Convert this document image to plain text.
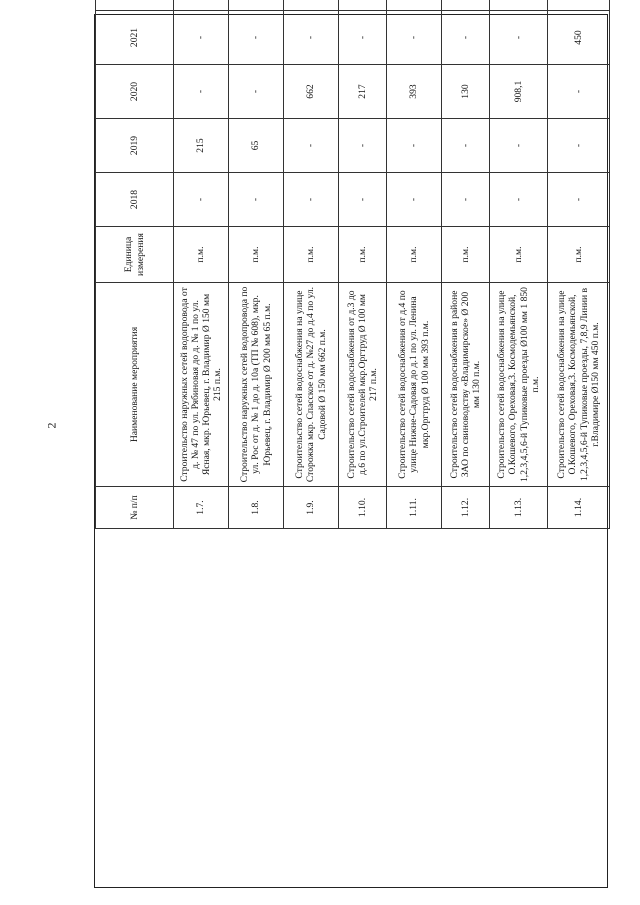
2
№ п/п	Наименование мероприятия	Единица измерения	2018	2019	2020	2021						
1.7.	Строительство наружных сетей водопровода от д. № 47 по ул. Рябиновая до д. № 1 по ул. Ясная, мкр. Юрьевец, г. Владимир Ø 150 мм 215 п.м.	п.м.	-	215	-	-						
1.8.	Строительство наружных сетей водопровода по ул. Рос от д. № 1 до д. 10а (ТП № 608), мкр. Юрьевец, г. Владимир Ø 200 мм 65 п.м.	п.м.	-	65	-	-						
1.9.	Строительство сетей водоснабжения на улице Сторожка мкр. Спасское от д. №27 до д.4 по ул. Садовой Ø 150 мм 662 п.м.	п.м.	-	-	662	-						
1.10.	Строительство сетей водоснабжения от д.3 до д.6 по ул.Строителей мкр.Оргтруд Ø 100 мм 217 п.м.	п.м.	-	-	217	-						
1.11.	Строительство сетей водоснабжения от д.4 по улице Нижне-Садовая до д.1 по ул. Ленина мкр.Оргтруд Ø 100 мм 393 п.м.	п.м.	-	-	393	-						
1.12.	Строительство сетей водоснабжения в районе ЗАО по свиноводству «Владимирское» Ø 200 мм 130 п.м.	п.м.	-	-	130	-						
1.13.	Строительство сетей водоснабжения на улице О.Кошевого, Ореховая,3. Космодемьянской, 1,2,3,4,5,6-й Тупиковые проезды Ø100 мм 1 850 п.м.	п.м.	-	-	908,1	-						
1.14.	Строительство сетей водоснабжения на улице О.Кошевого, Ореховая,3. Космодемьянской, 1,2,3,4,5,6-й Тупиковые проезды, 7,8,9 Линии в г.Владимире Ø150 мм 450 п.м.	п.м.	-	-	-	450						
